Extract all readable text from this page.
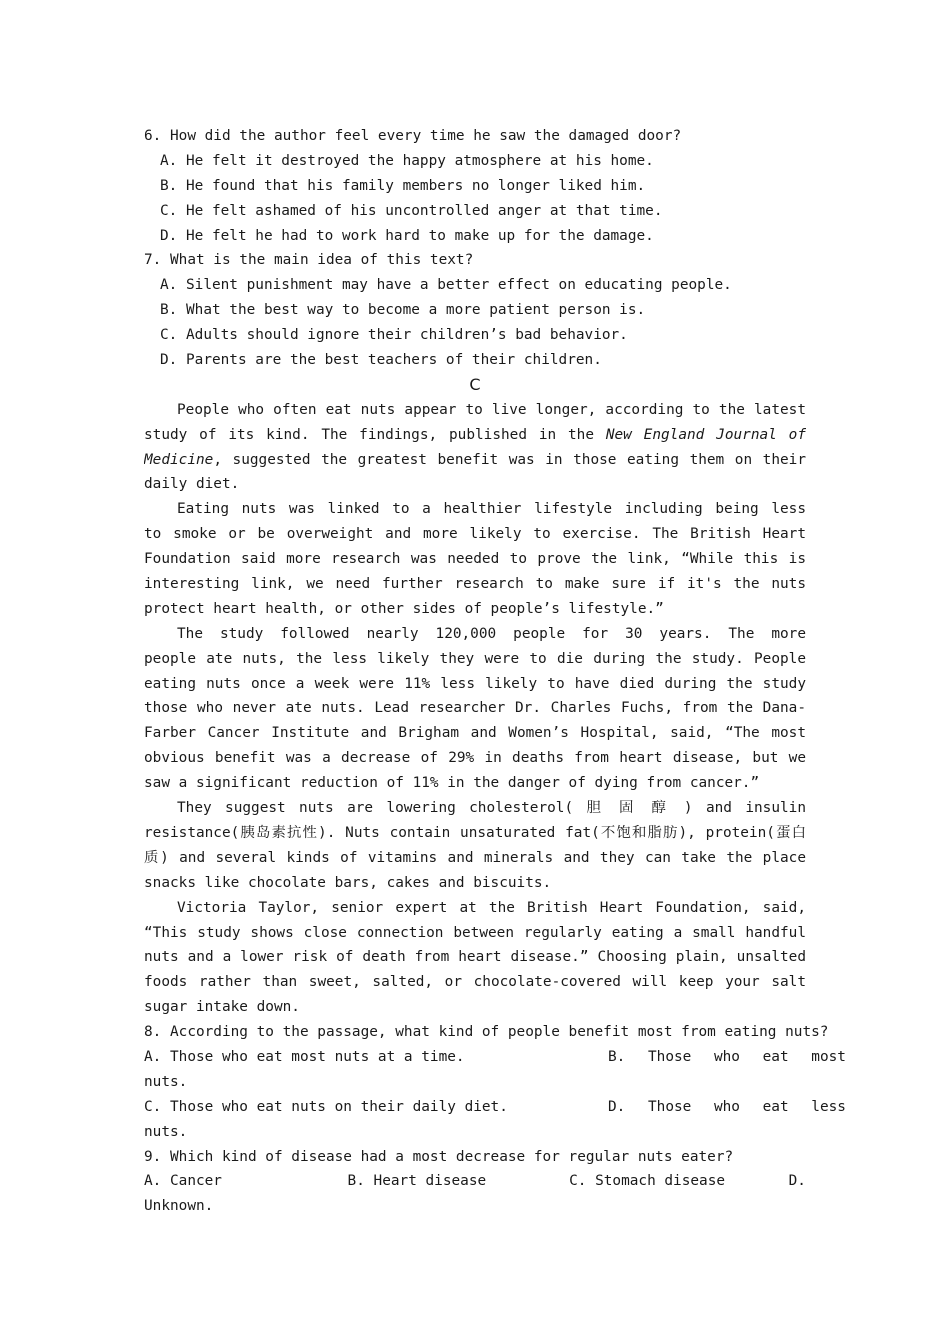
6. How did the author feel every time he saw the damaged door?
A. He felt it destroyed the happy atmosphere at his home.
B. He found that his family members no longer liked him.
C. He felt ashamed of his uncontrolled anger at that time.
D. He felt he had to work hard to make up for the damage.
7. What is the main idea of this text?
A. Silent punishment may have a better effect on educating people.
B. What the best way to become a more patient person is.
C. Adults should ignore their children’s bad behavior.
D. Parents are the best teachers of their children.
C
People who often eat nuts appear to live longer, according to the latest
study of its kind. The findings, published in the New England Journal of
Medicine, suggested the greatest benefit was in those eating them on their
daily diet.
Eating nuts was linked to a healthier lifestyle including being less
to smoke or be overweight and more likely to exercise. The British Heart
Foundation said more research was needed to prove the link, “While this is
interesting link, we need further research to make sure if it's the nuts
protect heart health, or other sides of people’s lifestyle.”
The study followed nearly 120,000 people for 30 years. The more
people ate nuts, the less likely they were to die during the study. People
eating nuts once a week were 11% less likely to have died during the study
those who never ate nuts. Lead researcher Dr. Charles Fuchs, from the Dana-
Farber Cancer Institute and Brigham and Women’s Hospital, said, “The most
obvious benefit was a decrease of 29% in deaths from heart disease, but we
saw a significant reduction of 11% in the danger of dying from cancer.”
They suggest nuts are lowering cholesterol( 胆 固 醇 ) and insulin
resistance(胰岛素抗性). Nuts contain unsaturated fat(不饱和脂肪), protein(蛋白
质) and several kinds of vitamins and minerals and they can take the place
snacks like chocolate bars, cakes and biscuits.
Victoria Taylor, senior expert at the British Heart Foundation, said,
“This study shows close connection between regularly eating a small handful
nuts and a lower risk of death from heart disease.” Choosing plain, unsalted
foods rather than sweet, salted, or chocolate-covered will keep your salt
sugar intake down.
8. According to the passage, what kind of people benefit most from eating nuts?
A. Those who eat most nuts at a time.	B. Those who eat most
nuts.
C. Those who eat nuts on their daily diet.	D. Those who eat less
nuts.
9. Which kind of disease had a most decrease for regular nuts eater?
A. Cancer	B. Heart disease	C. Stomach disease	D.
Unknown.
